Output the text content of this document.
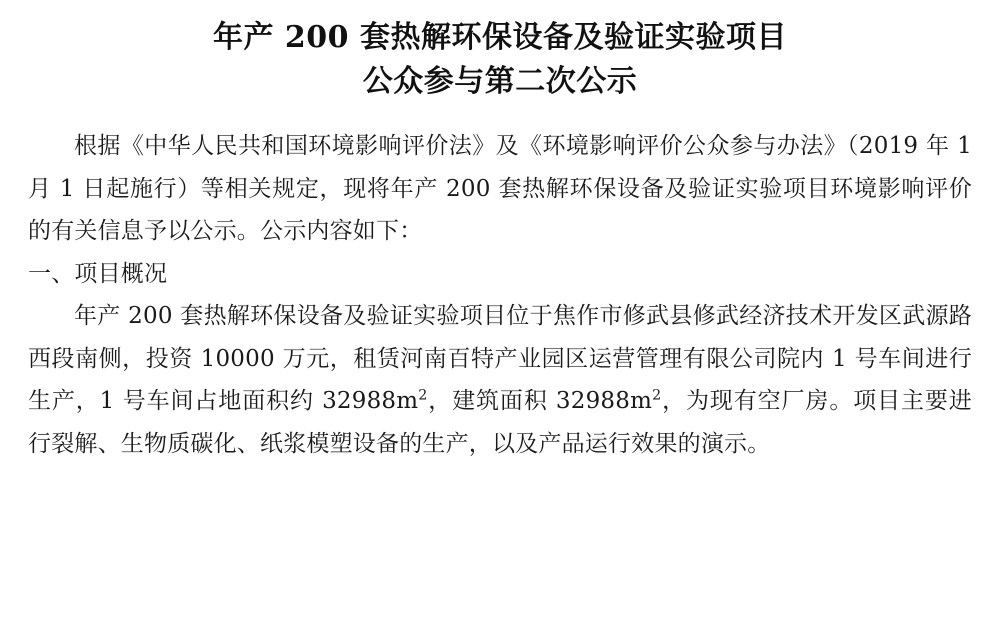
年产 200 套热解环保设备及验证实验项目
公众参与第二次公示

根据《中华人民共和国环境影响评价法》及《环境影响评价公众参与办法》（2019 年 1 月 1 日起施行）等相关规定，现将年产 200 套热解环保设备及验证实验项目环境影响评价的有关信息予以公示。公示内容如下：

一、项目概况

年产 200 套热解环保设备及验证实验项目位于焦作市修武县修武经济技术开发区武源路西段南侧，投资 10000 万元，租赁河南百特产业园区运营管理有限公司院内 1 号车间进行生产，1 号车间占地面积约 $32988m^2$，建筑面积 $32988m^2$，为现有空厂房。项目主要进行裂解、生物质碳化、纸浆模塑设备的生产，以及产品运行效果的演示。
